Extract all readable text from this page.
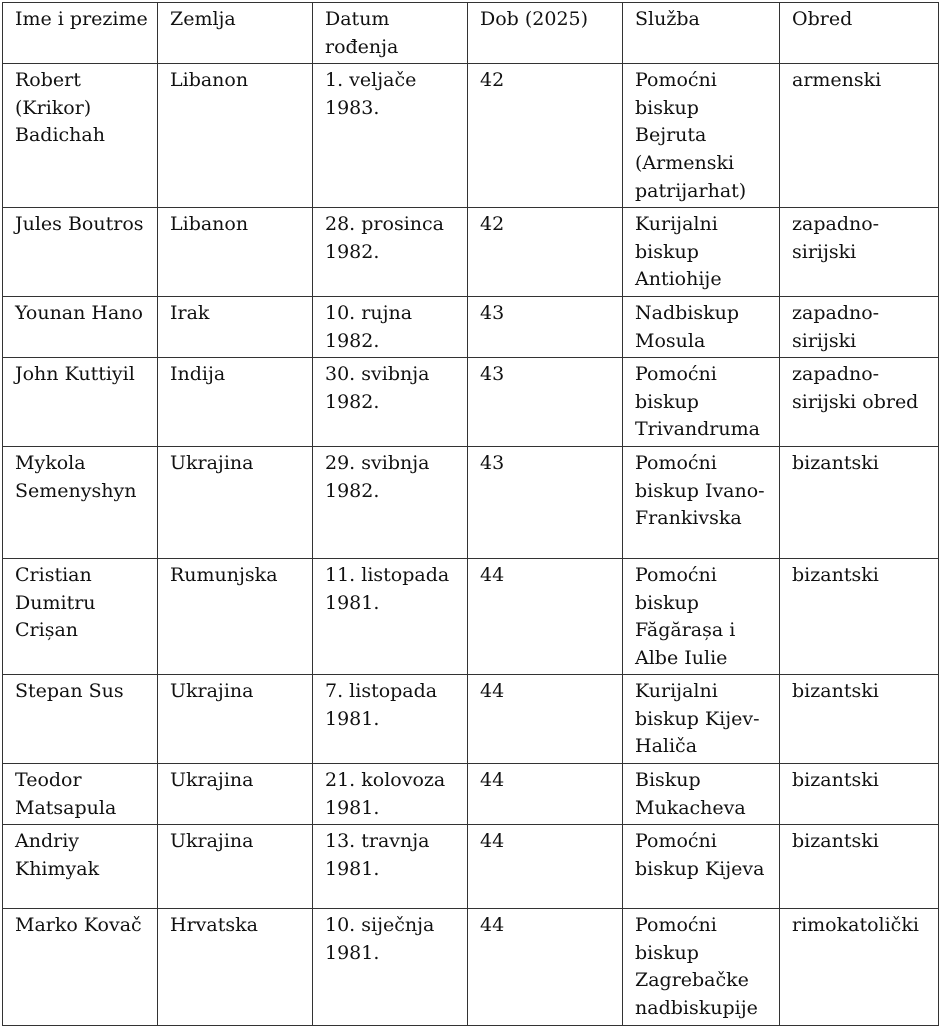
Ime i prezime	Zemlja	Datum rođenja	Dob (2025)	Služba	Obred
Robert (Krikor) Badichah	Libanon	1. veljače 1983.	42	Pomoćni biskup Bejruta (Armenski patrijarhat)	armenski
Jules Boutros	Libanon	28. prosinca 1982.	42	Kurijalni biskup Antiohije	zapadno-sirijski
Younan Hano	Irak	10. rujna 1982.	43	Nadbiskup Mosula	zapadno-sirijski
John Kuttiyil	Indija	30. svibnja 1982.	43	Pomoćni biskup Trivandruma	zapadno-sirijski obred
Mykola Semenyshyn	Ukrajina	29. svibnja 1982.	43	Pomoćni biskup Ivano-Frankivska	bizantski
Cristian Dumitru Crișan	Rumunjska	11. listopada 1981.	44	Pomoćni biskup Făgărașa i Albe Iulie	bizantski
Stepan Sus	Ukrajina	7. listopada 1981.	44	Kurijalni biskup Kijev-Haliča	bizantski
Teodor Matsapula	Ukrajina	21. kolovoza 1981.	44	Biskup Mukacheva	bizantski
Andriy Khimyak	Ukrajina	13. travnja 1981.	44	Pomoćni biskup Kijeva	bizantski
Marko Kovač	Hrvatska	10. siječnja 1981.	44	Pomoćni biskup Zagrebačke nadbiskupije	rimokatolički
